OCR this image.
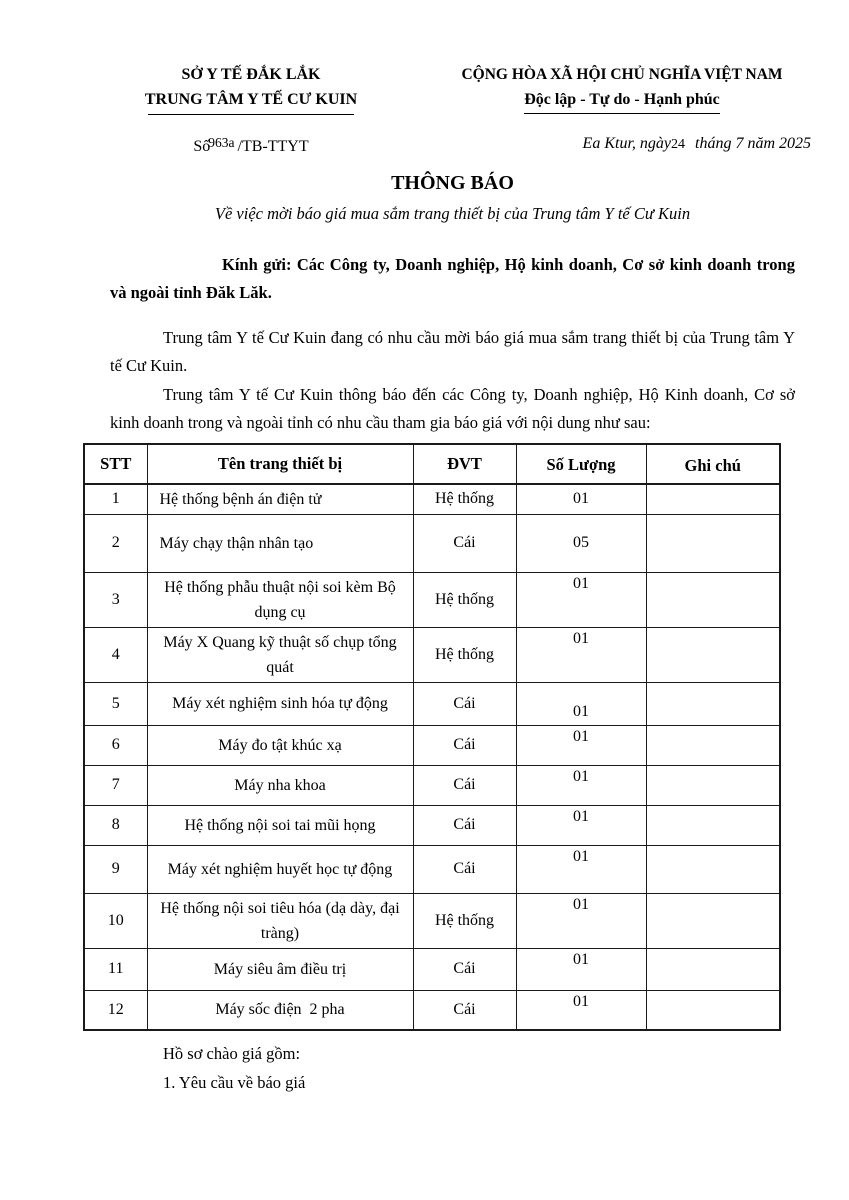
SỞ Y TẾ ĐẮK LẮK
TRUNG TÂM Y TẾ CƯ KUIN
Số$^{963a}$ /TB-TTYT
CỘNG HÒA XÃ HỘI CHỦ NGHĨA VIỆT NAM
Độc lập - Tự do - Hạnh phúc
Ea Ktur, ngày24 tháng 7 năm 2025
THÔNG BÁO
Về việc mời báo giá mua sắm trang thiết bị của Trung tâm Y tế Cư Kuin

Kính gửi: Các Công ty, Doanh nghiệp, Hộ kinh doanh, Cơ sở kinh doanh trong và ngoài tỉnh Đăk Lăk.

Trung tâm Y tế Cư Kuin đang có nhu cầu mời báo giá mua sắm trang thiết bị của Trung tâm Y tế Cư Kuin.

Trung tâm Y tế Cư Kuin thông báo đến các Công ty, Doanh nghiệp, Hộ Kinh doanh, Cơ sở kinh doanh trong và ngoài tỉnh có nhu cầu tham gia báo giá với nội dung như sau:

STT	Tên trang thiết bị	ĐVT	Số Lượng	Ghi chú
1	Hệ thống bệnh án điện tử	Hệ thống	01	
2	Máy chạy thận nhân tạo	Cái	05	
3	Hệ thống phẫu thuật nội soi kèm Bộ dụng cụ	Hệ thống	01	
4	Máy X Quang kỹ thuật số chụp tổng quát	Hệ thống	01	
5	Máy xét nghiệm sinh hóa tự động	Cái	01	
6	Máy đo tật khúc xạ	Cái	01	
7	Máy nha khoa	Cái	01	
8	Hệ thống nội soi tai mũi họng	Cái	01	
9	Máy xét nghiệm huyết học tự động	Cái	01	
10	Hệ thống nội soi tiêu hóa (dạ dày, đại tràng)	Hệ thống	01	
11	Máy siêu âm điều trị	Cái	01	
12	Máy sốc điện  2 pha	Cái	01	
Hồ sơ chào giá gồm:
1. Yêu cầu về báo giá
